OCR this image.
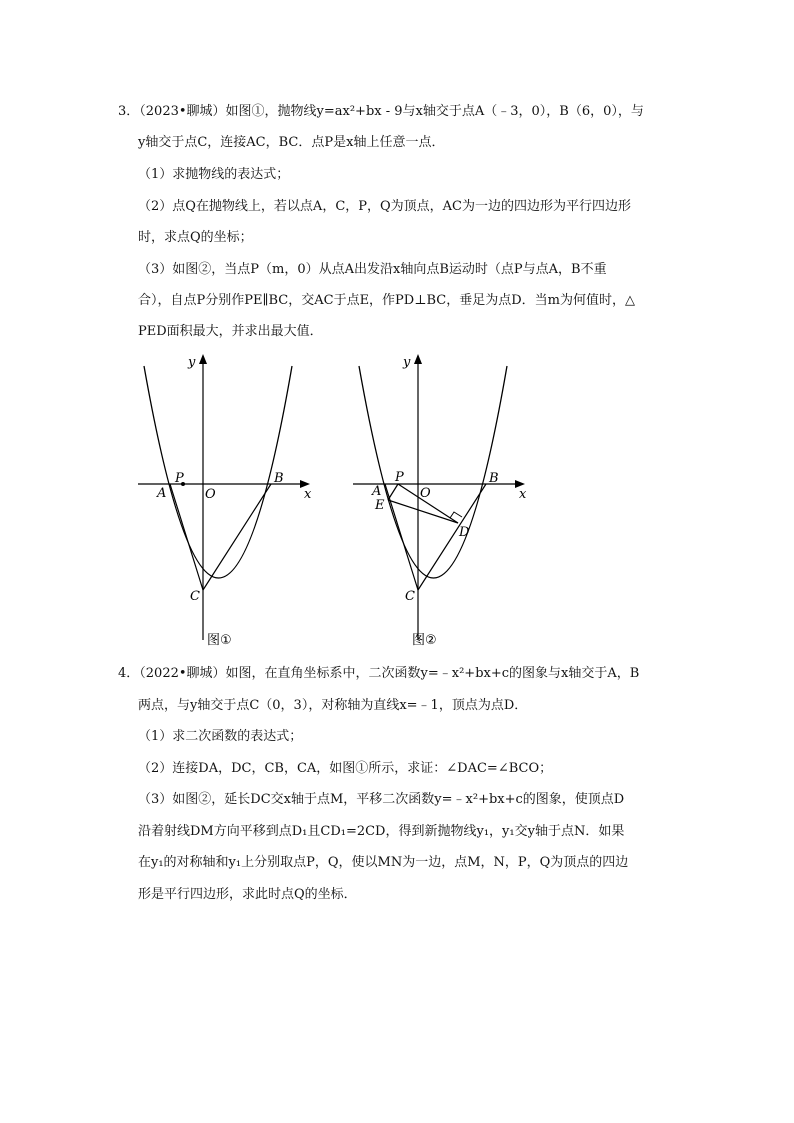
3．（2023•聊城）如图①，抛物线y=ax²+bx - 9与x轴交于点A（﹣3，0），B（6，0），与
y轴交于点C，连接AC，BC．点P是x轴上任意一点．
（1）求抛物线的表达式；
（2）点Q在抛物线上，若以点A，C，P，Q为顶点，AC为一边的四边形为平行四边形
时，求点Q的坐标；
（3）如图②，当点P（m，0）从点A出发沿x轴向点B运动时（点P与点A，B不重
合），自点P分别作PE∥BC，交AC于点E，作PD⊥BC，垂足为点D．当m为何值时，△
PED面积最大，并求出最大值．
y
x
P
A	O
B
C
图①
y
x
P
A	O
B
E
D
C
图②
4．（2022•聊城）如图，在直角坐标系中，二次函数y=﹣x²+bx+c的图象与x轴交于A，B
两点，与y轴交于点C（0，3），对称轴为直线x=﹣1，顶点为点D．
（1）求二次函数的表达式；
（2）连接DA，DC，CB，CA，如图①所示，求证：∠DAC=∠BCO；
（3）如图②，延长DC交x轴于点M，平移二次函数y=﹣x²+bx+c的图象，使顶点D
沿着射线DM方向平移到点D₁且CD₁=2CD，得到新抛物线y₁，y₁交y轴于点N．如果
在y₁的对称轴和y₁上分别取点P，Q，使以MN为一边，点M，N，P，Q为顶点的四边
形是平行四边形，求此时点Q的坐标．
